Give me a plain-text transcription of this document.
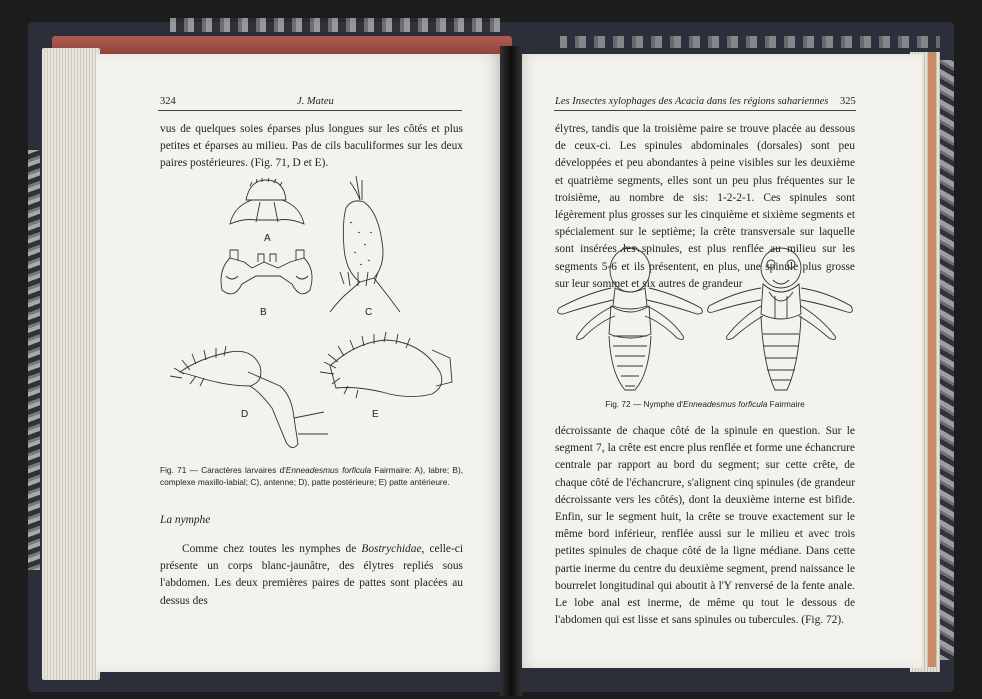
324	J. Mateu

vus de quelques soies éparses plus longues sur les côtés et plus petites et éparses au milieu. Pas de cils baculiformes sur les deux paires postérieures. (Fig. 71, D et E).

A
B	C
D	E
Fig. 71 — Caractères larvaires d'Enneadesmus forficula Fairmaire: A), labre; B), complexe maxillo-labial; C), antenne; D), patte postérieure; E) patte antérieure.
La nymphe

Comme chez toutes les nymphes de Bostrychidae, celle-ci présente un corps blanc-jaunâtre, des élytres repliés sous l'abdomen. Les deux premières paires de pattes sont placées au dessus des

Les Insectes xylophages des Acacia dans les régions sahariennes 325

élytres, tandis que la troisième paire se trouve placée au dessous de ceux-ci. Les spinules abdominales (dorsales) sont peu développées et peu abondantes à peine visibles sur les deuxième et quatrième segments, elles sont un peu plus fréquentes sur le troisième, au nombre de sis: 1-2-2-1. Ces spinules sont légèrement plus grosses sur les cinquième et sixième segments et spécialement sur le septième; la crête transversale sur laquelle sont insérées les spinules, est plus renflée au milieu sur les segments 5-6 et ils présentent, en plus, une spinule plus grosse sur leur sommet et six autres de grandeur

Fig. 72 — Nymphe d'Enneadesmus forficula Fairmaire

décroissante de chaque côté de la spinule en question. Sur le segment 7, la crête est encre plus renflée et forme une échancrure centrale par rapport au bord du segment; sur cette crête, de chaque côté de l'échancrure, s'alignent cinq spinules (de grandeur décroissante vers les côtés), dont la deuxième interne est bifide. Enfin, sur le segment huit, la crête se trouve exactement sur le même bord inférieur, renflée aussi sur le milieu et avec trois petites spinules de chaque côté de la ligne médiane. Dans cette partie inerme du centre du deuxième segment, prend naissance le bourrelet longitudinal qui aboutit à l'Y renversé de la fente anale. Le lobe anal est inerme, de même qu tout le dessous de l'abdomen qui est lisse et sans spinules ou tubercules. (Fig. 72).
